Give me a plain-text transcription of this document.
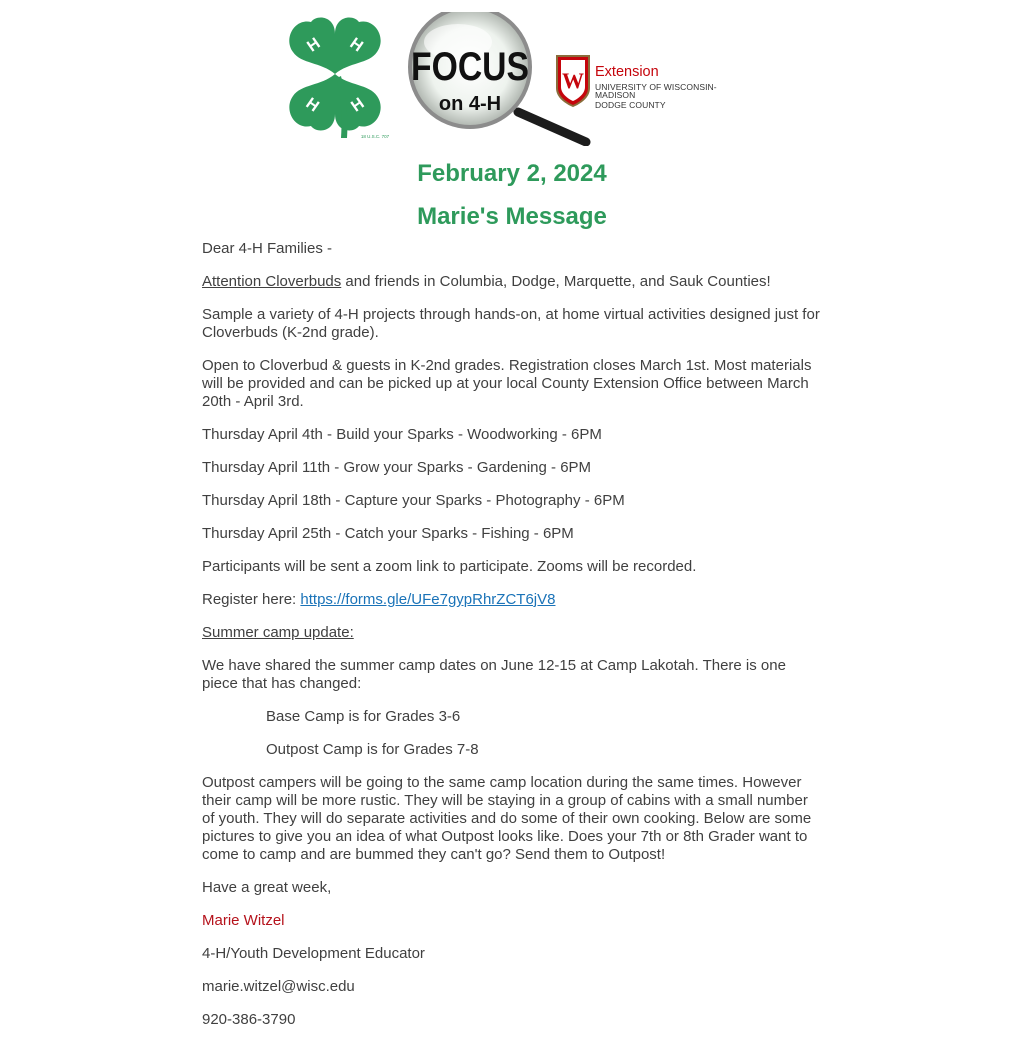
H H
H H
18 U.S.C. 707
FOCUS
on 4-H
W Extension
UNIVERSITY OF WISCONSIN-MADISON
DODGE COUNTY
February 2, 2024
Marie's Message

Dear 4-H Families -

Attention Cloverbuds and friends in Columbia, Dodge, Marquette, and Sauk Counties!

Sample a variety of 4-H projects through hands-on, at home virtual activities designed just for Cloverbuds (K-2nd grade).

Open to Cloverbud & guests in K-2nd grades. Registration closes March 1st. Most materials will be provided and can be picked up at your local County Extension Office between March 20th - April 3rd.

Thursday April 4th - Build your Sparks - Woodworking - 6PM

Thursday April 11th - Grow your Sparks - Gardening - 6PM

Thursday April 18th - Capture your Sparks - Photography - 6PM

Thursday April 25th - Catch your Sparks - Fishing - 6PM

Participants will be sent a zoom link to participate. Zooms will be recorded.

Register here: https://forms.gle/UFe7gypRhrZCT6jV8

Summer camp update:

We have shared the summer camp dates on June 12-15 at Camp Lakotah. There is one piece that has changed:

Base Camp is for Grades 3-6

Outpost Camp is for Grades 7-8

Outpost campers will be going to the same camp location during the same times. However their camp will be more rustic. They will be staying in a group of cabins with a small number of youth. They will do separate activities and do some of their own cooking. Below are some pictures to give you an idea of what Outpost looks like. Does your 7th or 8th Grader want to come to camp and are bummed they can't go? Send them to Outpost!

Have a great week,

Marie Witzel

4-H/Youth Development Educator

marie.witzel@wisc.edu

920-386-3790
